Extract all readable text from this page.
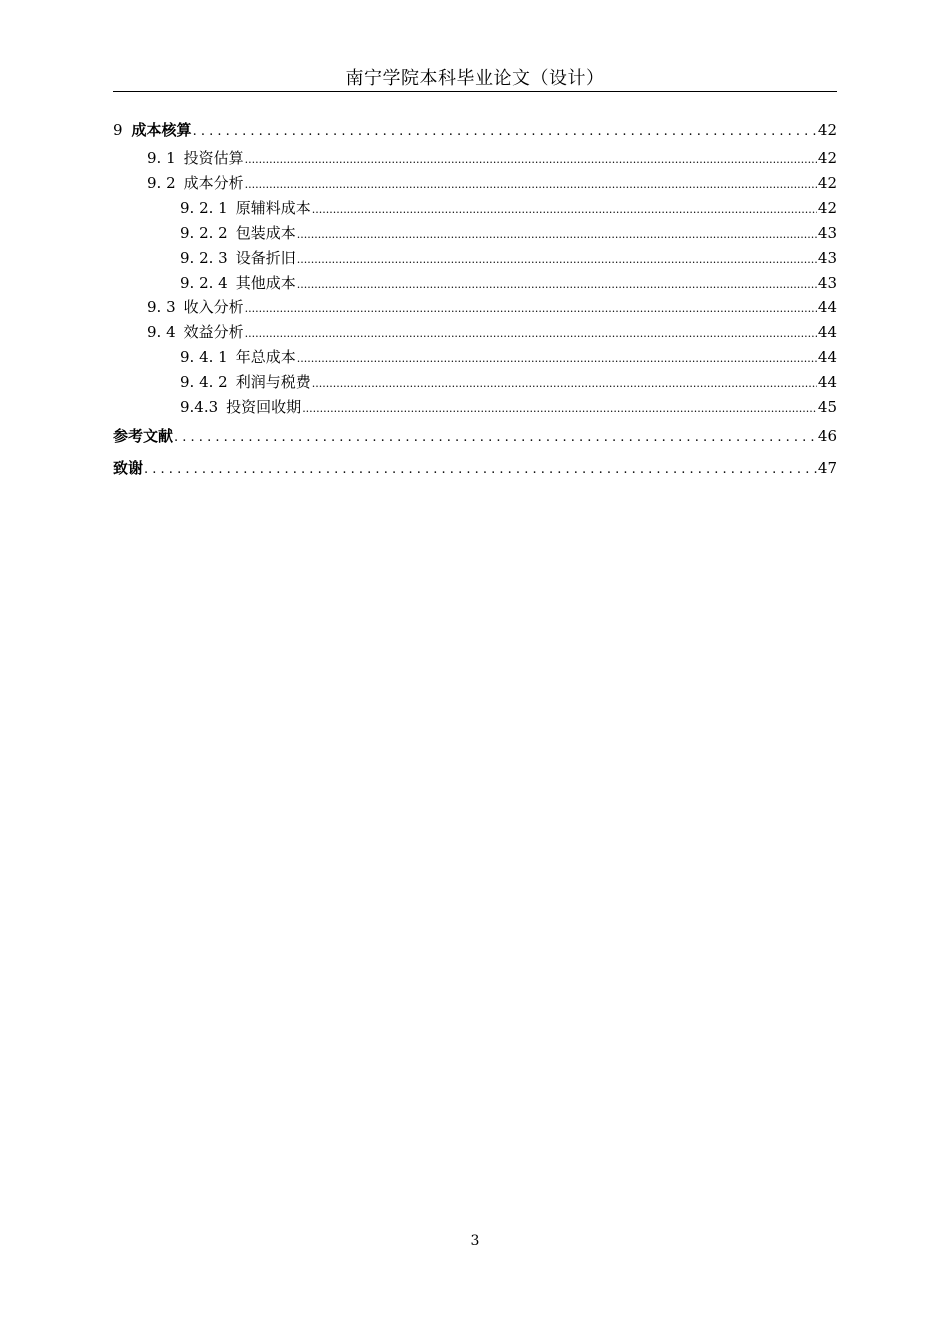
南宁学院本科毕业论文（设计）
9 成本核算 . . .	42
9. 1 投资估算 .....	42
9. 2 成本分析 .....	42
9. 2. 1 原辅料成本 .....	42
9. 2. 2 包装成本 .....	43
9. 2. 3 设备折旧 .....	43
9. 2. 4 其他成本 .....	43
9. 3 收入分析 .....	44
9. 4 效益分析 .....	44
9. 4. 1 年总成本 .....	44
9. 4. 2 利润与税费 .....	44
9.4.3 投资回收期 .....	45
参考文献 . . .	46
致谢 . . .	47
3
